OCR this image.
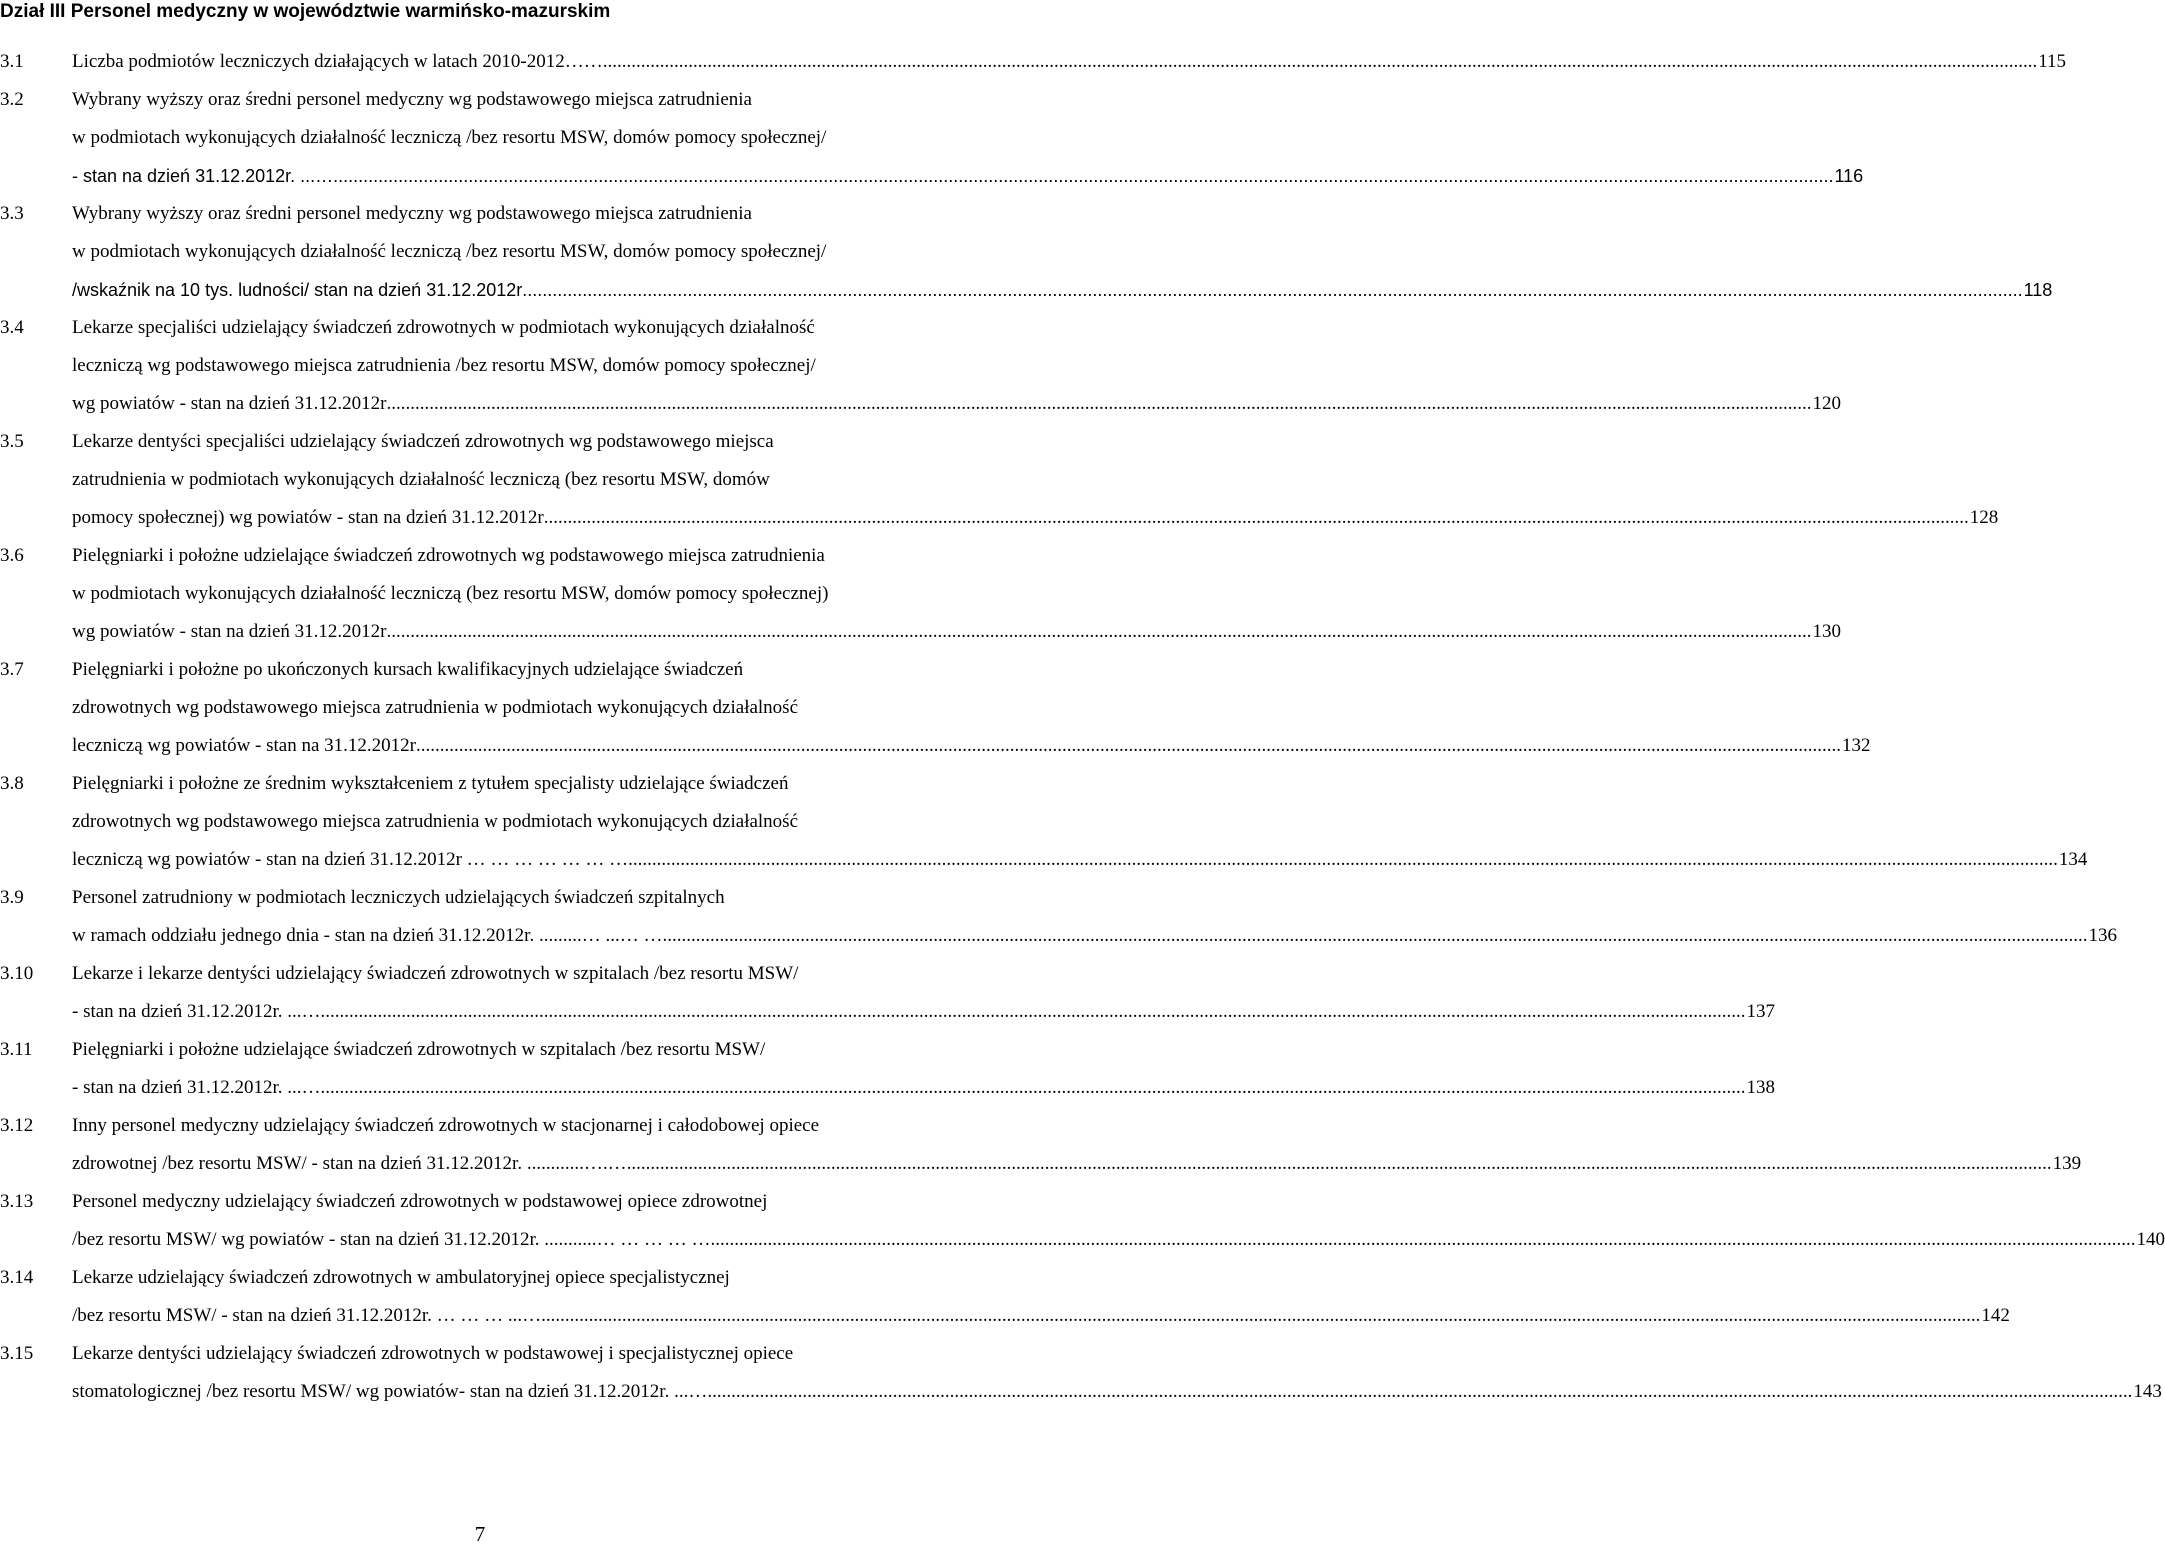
Dział III Personel medyczny w województwie warmińsko-mazurskim
3.1	Liczba podmiotów leczniczych działających w latach 2010-2012…….. ............................................................................................................................................................................................................................................................................................................ 115
3.2	Wybrany wyższy oraz średni personel medyczny wg podstawowego miejsca zatrudnienia
w podmiotach wykonujących działalność leczniczą /bez resortu MSW, domów pomocy społecznej/
- stan na dzień 31.12.2012r. ...… ............................................................................................................................................................................................................................................................................................................ 116
3.3	Wybrany wyższy oraz średni personel medyczny wg podstawowego miejsca zatrudnienia
w podmiotach wykonujących działalność leczniczą /bez resortu MSW, domów pomocy społecznej/
/wskaźnik na 10 tys. ludności/ stan na dzień 31.12.2012r ............................................................................................................................................................................................................................................................................................................ 118
3.4	Lekarze specjaliści udzielający świadczeń zdrowotnych w podmiotach wykonujących działalność
leczniczą wg podstawowego miejsca zatrudnienia /bez resortu MSW, domów pomocy społecznej/
wg powiatów - stan na dzień 31.12.2012r ............................................................................................................................................................................................................................................................................................................ 120
3.5	Lekarze dentyści specjaliści udzielający świadczeń zdrowotnych wg podstawowego miejsca
zatrudnienia w podmiotach wykonujących działalność leczniczą (bez resortu MSW, domów
pomocy społecznej) wg powiatów - stan na dzień 31.12.2012r ............................................................................................................................................................................................................................................................................................................ 128
3.6	Pielęgniarki i położne udzielające świadczeń zdrowotnych wg podstawowego miejsca zatrudnienia
w podmiotach wykonujących działalność leczniczą (bez resortu MSW, domów pomocy społecznej)
wg powiatów - stan na dzień 31.12.2012r ............................................................................................................................................................................................................................................................................................................ 130
3.7	Pielęgniarki i położne po ukończonych kursach kwalifikacyjnych udzielające świadczeń
zdrowotnych wg podstawowego miejsca zatrudnienia w podmiotach wykonujących działalność
leczniczą wg powiatów - stan na 31.12.2012r ............................................................................................................................................................................................................................................................................................................ 132
3.8	Pielęgniarki i położne ze średnim wykształceniem z tytułem specjalisty udzielające świadczeń
zdrowotnych wg podstawowego miejsca zatrudnienia w podmiotach wykonujących działalność
leczniczą wg powiatów - stan na dzień 31.12.2012r … … … … … … …. ............................................................................................................................................................................................................................................................................................................ 134
3.9	Personel zatrudniony w podmiotach leczniczych udzielających świadczeń szpitalnych
w ramach oddziału jednego dnia - stan na dzień 31.12.2012r. .........… ...… … ............................................................................................................................................................................................................................................................................................................ 136
3.10 Lekarze i lekarze dentyści udzielający świadczeń zdrowotnych w szpitalach /bez resortu MSW/
- stan na dzień 31.12.2012r. ...… ............................................................................................................................................................................................................................................................................................................ 137
3.11 Pielęgniarki i położne udzielające świadczeń zdrowotnych w szpitalach /bez resortu MSW/
- stan na dzień 31.12.2012r. ...… ............................................................................................................................................................................................................................................................................................................ 138
3.12 Inny personel medyczny udzielający świadczeń zdrowotnych w stacjonarnej i całodobowej opiece
zdrowotnej /bez resortu MSW/ - stan na dzień 31.12.2012r. ............….… ............................................................................................................................................................................................................................................................................................................ 139
3.13 Personel medyczny udzielający świadczeń zdrowotnych w podstawowej opiece zdrowotnej
/bez resortu MSW/ wg powiatów - stan na dzień 31.12.2012r. ...........… … … … … ............................................................................................................................................................................................................................................................................................................ 140
3.14 Lekarze udzielający świadczeń zdrowotnych w ambulatoryjnej opiece specjalistycznej
/bez resortu MSW/ - stan na dzień 31.12.2012r. … … … ...…... ............................................................................................................................................................................................................................................................................................................ 142
3.15 Lekarze dentyści udzielający świadczeń zdrowotnych w podstawowej i specjalistycznej opiece
stomatologicznej /bez resortu MSW/ wg powiatów- stan na dzień 31.12.2012r. ...… ............................................................................................................................................................................................................................................................................................................ 143
7
